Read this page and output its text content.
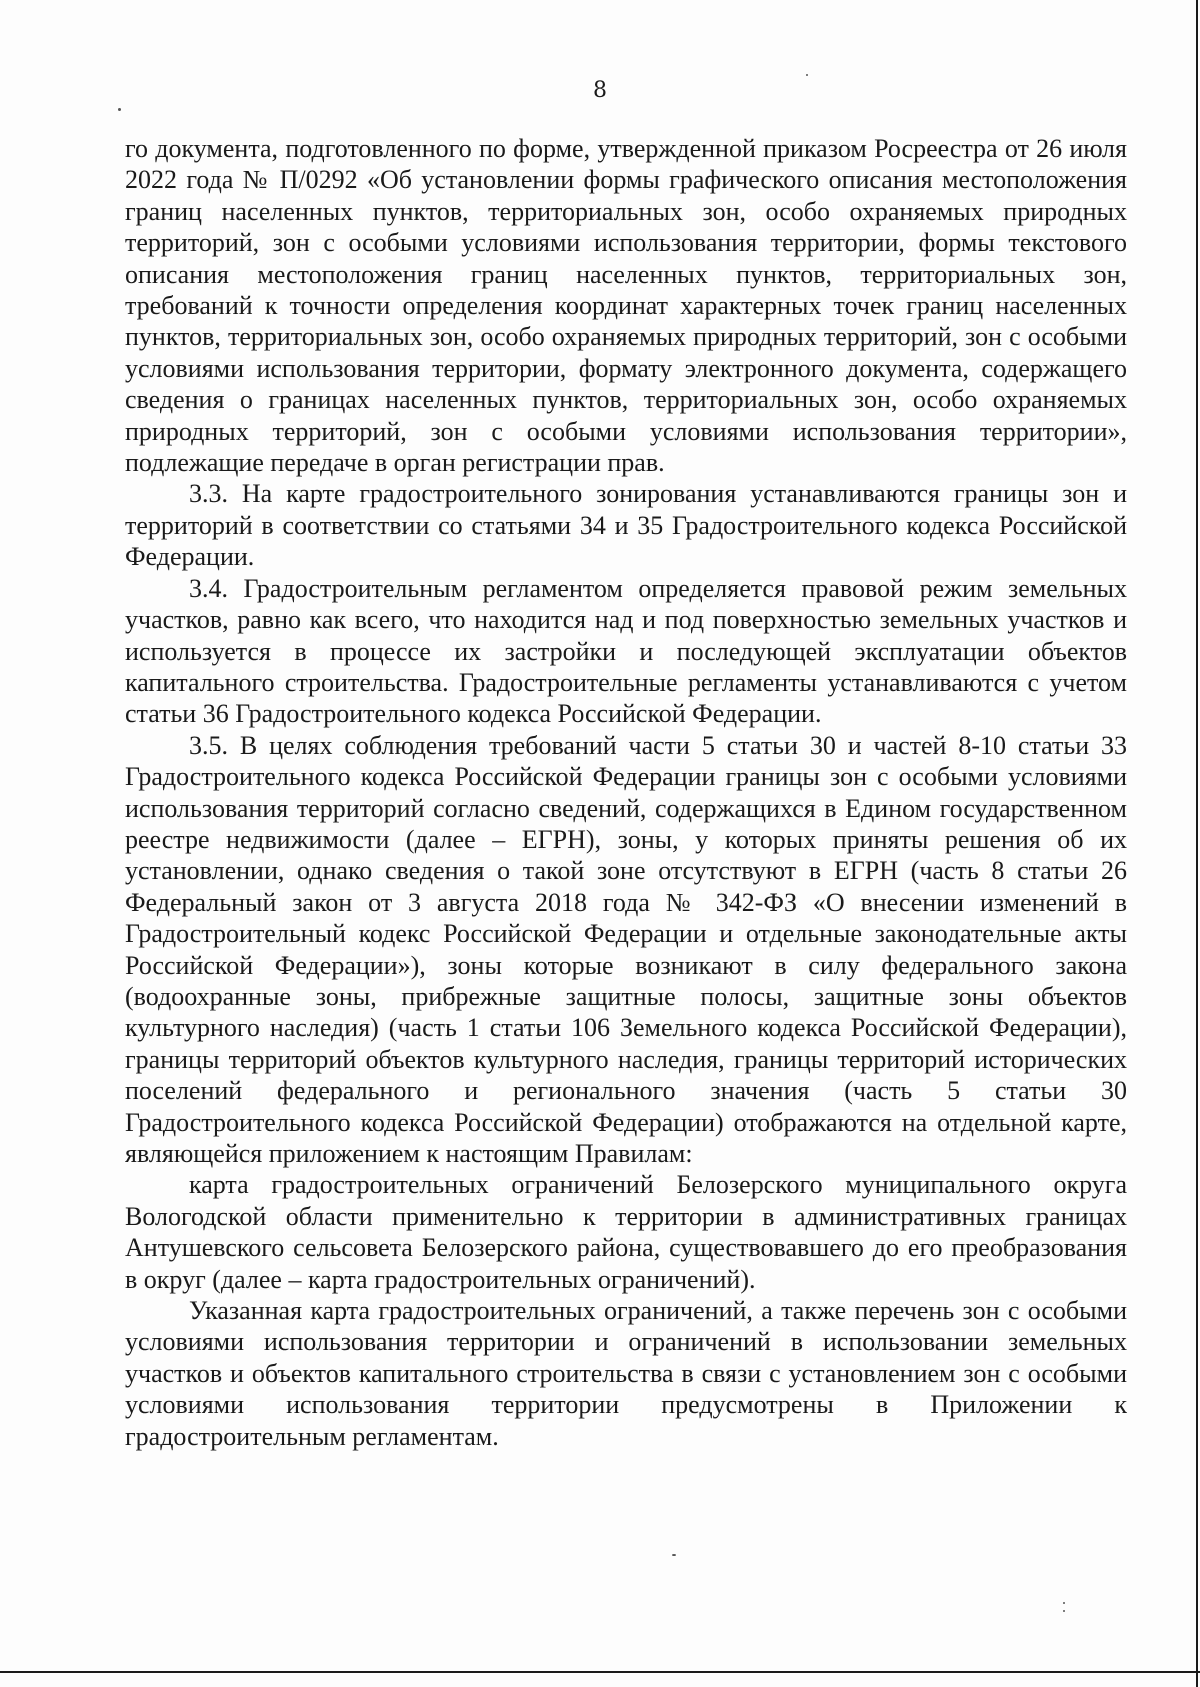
8

го документа, подготовленного по форме, утвержденной приказом Росреестра от 26 июля 2022 года № П/0292 «Об установлении формы графического описания местоположения границ населенных пунктов, территориальных зон, особо охраняемых природных территорий, зон с особыми условиями использования территории, формы текстового описания местоположения границ населенных пунктов, территориальных зон, требований к точности определения координат характерных точек границ населенных пунктов, территориальных зон, особо охраняемых природных территорий, зон с особыми условиями использования территории, формату электронного документа, содержащего сведения о границах населенных пунктов, территориальных зон, особо охраняемых природных территорий, зон с особыми условиями использования территории», подлежащие передаче в орган регистрации прав.

3.3. На карте градостроительного зонирования устанавливаются границы зон и территорий в соответствии со статьями 34 и 35 Градостроительного кодекса Российской Федерации.

3.4. Градостроительным регламентом определяется правовой режим земельных участков, равно как всего, что находится над и под поверхностью земельных участков и используется в процессе их застройки и последующей эксплуатации объектов капитального строительства. Градостроительные регламенты устанавливаются с учетом статьи 36 Градостроительного кодекса Российской Федерации.

3.5. В целях соблюдения требований части 5 статьи 30 и частей 8-10 статьи 33 Градостроительного кодекса Российской Федерации границы зон с особыми условиями использования территорий согласно сведений, содержащихся в Едином государственном реестре недвижимости (далее – ЕГРН), зоны, у которых приняты решения об их установлении, однако сведения о такой зоне отсутствуют в ЕГРН (часть 8 статьи 26 Федеральный закон от 3 августа 2018 года № 342-ФЗ «О внесении изменений в Градостроительный кодекс Российской Федерации и отдельные законодательные акты Российской Федерации»), зоны которые возникают в силу федерального закона (водоохранные зоны, прибрежные защитные полосы, защитные зоны объектов культурного наследия) (часть 1 статьи 106 Земельного кодекса Российской Федерации), границы территорий объектов культурного наследия, границы территорий исторических поселений федерального и регионального значения (часть 5 статьи 30 Градостроительного кодекса Российской Федерации) отображаются на отдельной карте, являющейся приложением к настоящим Правилам:

карта градостроительных ограничений Белозерского муниципального округа Вологодской области применительно к территории в административных границах Антушевского сельсовета Белозерского района, существовавшего до его преобразования в округ (далее – карта градостроительных ограничений).

Указанная карта градостроительных ограничений, а также перечень зон с особыми условиями использования территории и ограничений в использовании земельных участков и объектов капитального строительства в связи с установлением зон с особыми условиями использования территории предусмотрены в Приложении к градостроительным регламентам.
